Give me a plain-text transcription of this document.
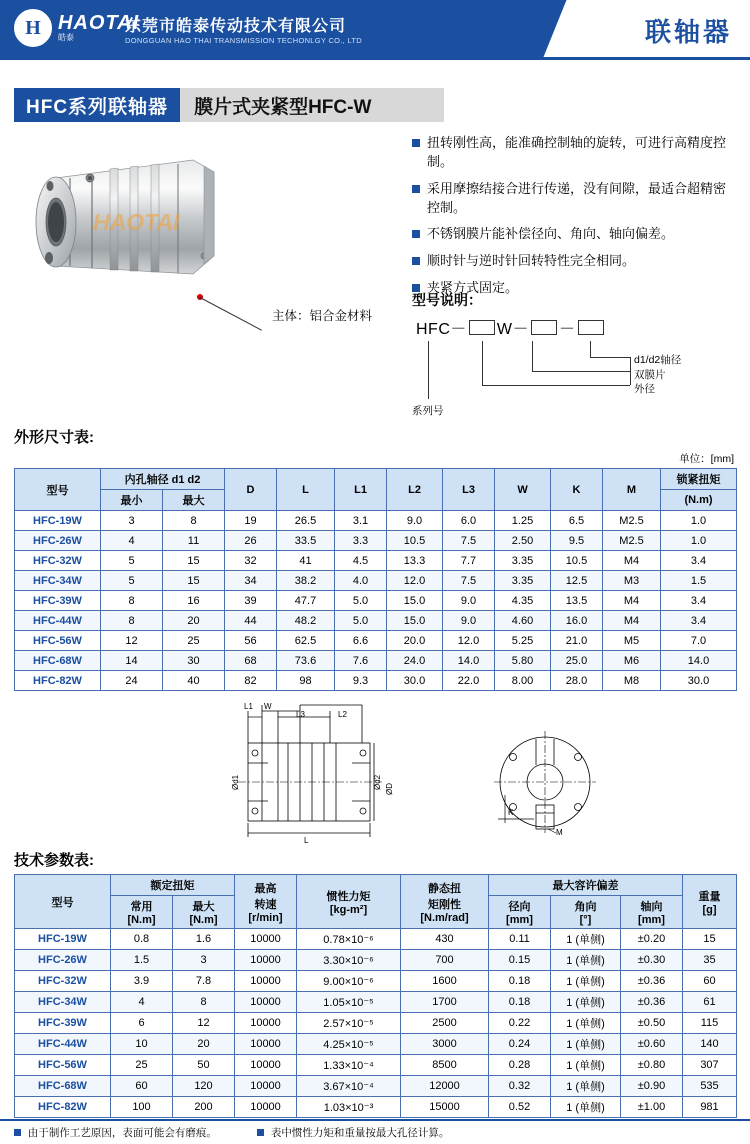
H HAOTAI
皓泰
东莞市皓泰传动技术有限公司
DONGGUAN HAO THAI TRANSMISSION TECHONLGY CO., LTD	联轴器
HFC系列联轴器	膜片式夹紧型HFC-W
HAOTAI
主体：铝合金材料
扭转刚性高，能准确控制轴的旋转，可进行高精度控制。
采用摩擦结接合进行传递，没有间隙，最适合超精密控制。
不锈钢膜片能补偿径向、角向、轴向偏差。
顺时针与逆时针回转特性完全相同。
夹紧方式固定。
型号说明：
HFC－ W－ －
系列号
外径
双膜片
d1/d2轴径
外形尺寸表:
单位：[mm]
型号	内孔轴径 d1 d2		D	L	L1	L2	L3	W	K	M	锁紧扭矩
	最小	最大									(N.m)
HFC-19W	3	8	19	26.5	3.1	9.0	6.0	1.25	6.5	M2.5	1.0
HFC-26W	4	11	26	33.5	3.3	10.5	7.5	2.50	9.5	M2.5	1.0
HFC-32W	5	15	32	41	4.5	13.3	7.7	3.35	10.5	M4	3.4
HFC-34W	5	15	34	38.2	4.0	12.0	7.5	3.35	12.5	M3	1.5
HFC-39W	8	16	39	47.7	5.0	15.0	9.0	4.35	13.5	M4	3.4
HFC-44W	8	20	44	48.2	5.0	15.0	9.0	4.60	16.0	M4	3.4
HFC-56W	12	25	56	62.5	6.6	20.0	12.0	5.25	21.0	M5	7.0
HFC-68W	14	30	68	73.6	7.6	24.0	14.0	5.80	25.0	M6	14.0
HFC-82W	24	40	82	98	9.3	30.0	22.0	8.00	28.0	M8	30.0
L1 W
L3	L2
L
Ød1	Ød2 ØD
K
M
技术参数表:
型号	额定扭矩	最高
转速
[r/min]

惯性力矩
[kg-m²]

静态扭
矩刚性
[N.m/rad]
	最大容许偏差	
重量
[g]

常用
[N.m]

最大
[N.m]

径向
[mm]

角向
[°]

轴向
[mm]

HFC-19W	0.8	1.6	10000	0.78×10⁻⁶	430	0.11	1 (单侧)	±0.20	15
HFC-26W	1.5	3	10000	3.30×10⁻⁶	700	0.15	1 (单侧)	±0.30	35
HFC-32W	3.9	7.8	10000	9.00×10⁻⁶	1600	0.18	1 (单侧)	±0.36	60
HFC-34W	4	8	10000	1.05×10⁻⁵	1700	0.18	1 (单侧)	±0.36	61
HFC-39W	6	12	10000	2.57×10⁻⁵	2500	0.22	1 (单侧)	±0.50	115
HFC-44W	10	20	10000	4.25×10⁻⁵	3000	0.24	1 (单侧)	±0.60	140
HFC-56W	25	50	10000	1.33×10⁻⁴	8500	0.28	1 (单侧)	±0.80	307
HFC-68W	60	120	10000	3.67×10⁻⁴	12000	0.32	1 (单侧)	±0.90	535
HFC-82W	100	200	10000	1.03×10⁻³	15000	0.52	1 (单侧)	±1.00	981
由于制作工艺原因，表面可能会有磨痕。	表中惯性力矩和重量按最大孔径计算。
